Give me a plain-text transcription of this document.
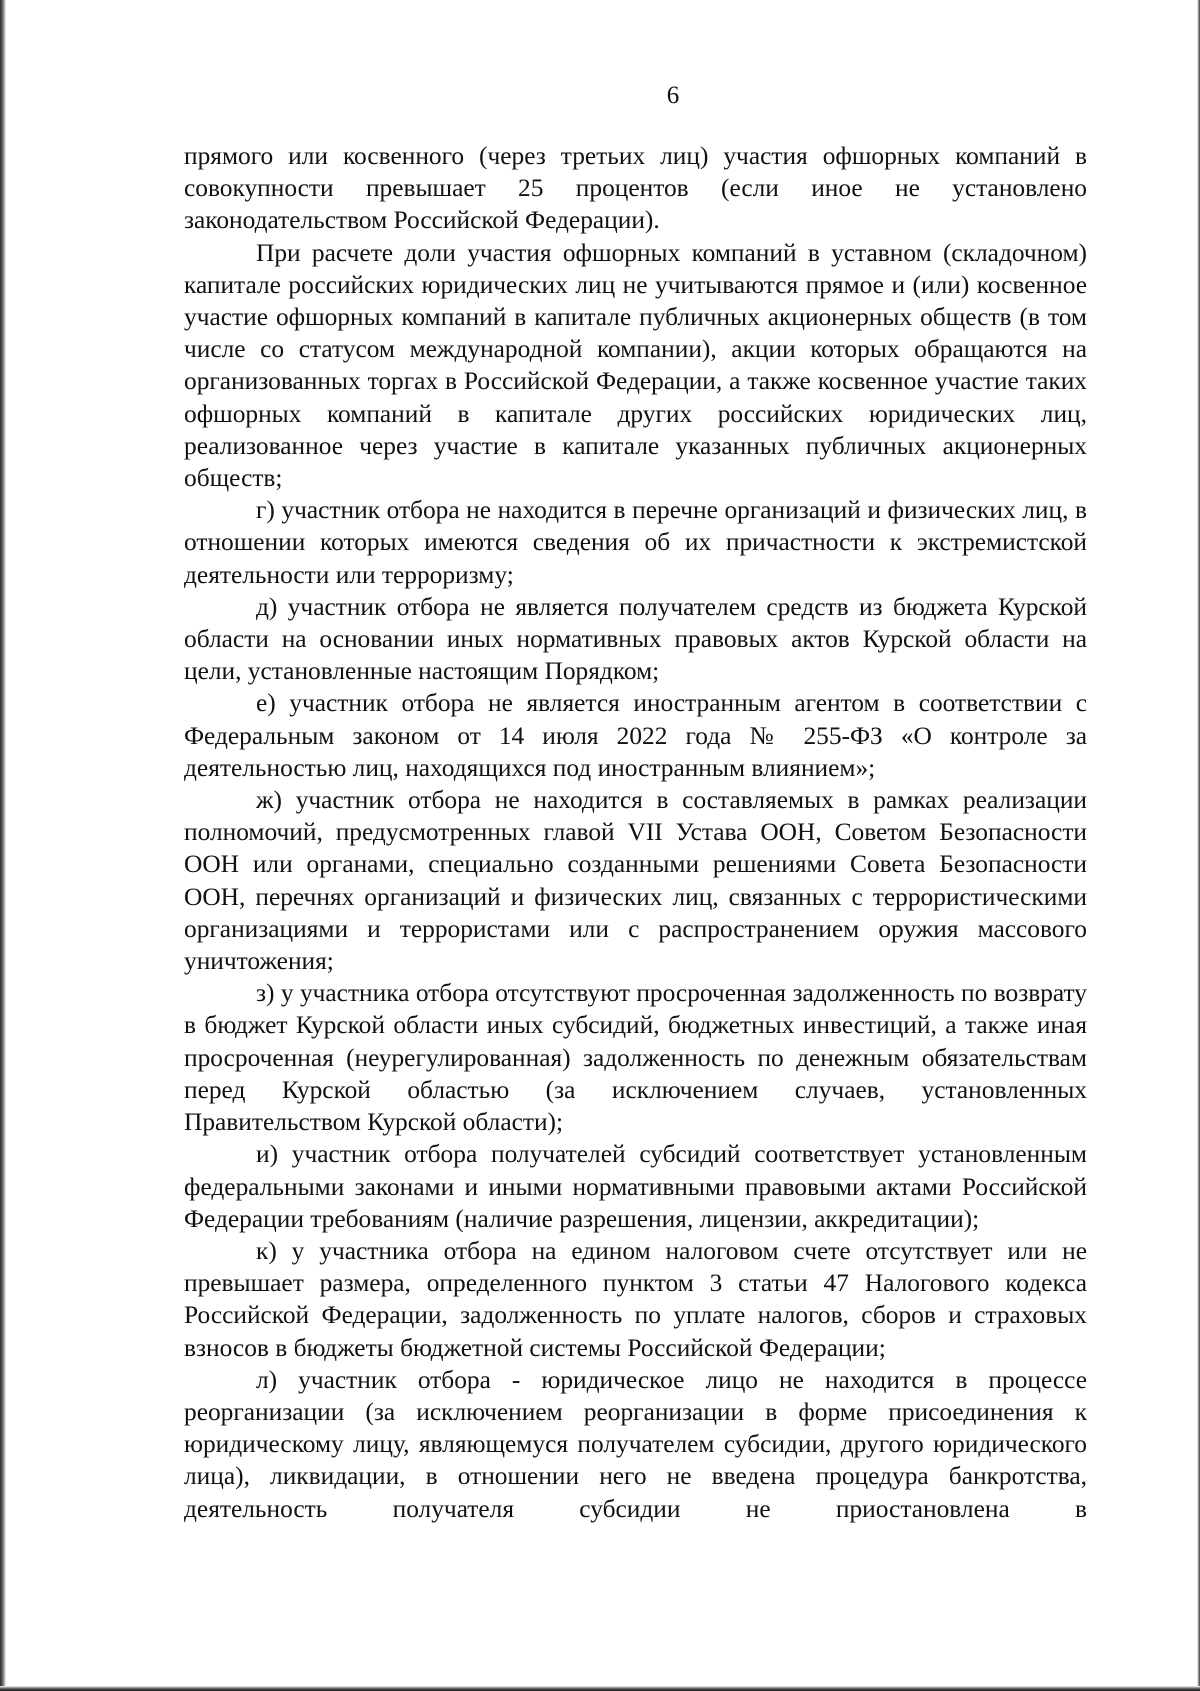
6

прямого или косвенного (через третьих лиц) участия офшорных компаний в совокупности превышает 25 процентов (если иное не установлено законодательством Российской Федерации).

При расчете доли участия офшорных компаний в уставном (складочном) капитале российских юридических лиц не учитываются прямое и (или) косвенное участие офшорных компаний в капитале публичных акционерных обществ (в том числе со статусом международной компании), акции которых обращаются на организованных торгах в Российской Федерации, а также косвенное участие таких офшорных компаний в капитале других российских юридических лиц, реализованное через участие в капитале указанных публичных акционерных обществ;

г) участник отбора не находится в перечне организаций и физических лиц, в отношении которых имеются сведения об их причастности к экстремистской деятельности или терроризму;

д) участник отбора не является получателем средств из бюджета Курской области на основании иных нормативных правовых актов Курской области на цели, установленные настоящим Порядком;

е) участник отбора не является иностранным агентом в соответствии с Федеральным законом от 14 июля 2022 года № 255-ФЗ «О контроле за деятельностью лиц, находящихся под иностранным влиянием»;

ж) участник отбора не находится в составляемых в рамках реализации полномочий, предусмотренных главой VII Устава ООН, Советом Безопасности ООН или органами, специально созданными решениями Совета Безопасности ООН, перечнях организаций и физических лиц, связанных с террористическими организациями и террористами или с распространением оружия массового уничтожения;

з) у участника отбора отсутствуют просроченная задолженность по возврату в бюджет Курской области иных субсидий, бюджетных инвестиций, а также иная просроченная (неурегулированная) задолженность по денежным обязательствам перед Курской областью (за исключением случаев, установленных Правительством Курской области);

и) участник отбора получателей субсидий соответствует установленным федеральными законами и иными нормативными правовыми актами Российской Федерации требованиям (наличие разрешения, лицензии, аккредитации);

к) у участника отбора на едином налоговом счете отсутствует или не превышает размера, определенного пунктом 3 статьи 47 Налогового кодекса Российской Федерации, задолженность по уплате налогов, сборов и страховых взносов в бюджеты бюджетной системы Российской Федерации;

л) участник отбора - юридическое лицо не находится в процессе реорганизации (за исключением реорганизации в форме присоединения к юридическому лицу, являющемуся получателем субсидии, другого юридического лица), ликвидации, в отношении него не введена процедура банкротства, деятельность получателя субсидии не приостановлена в
